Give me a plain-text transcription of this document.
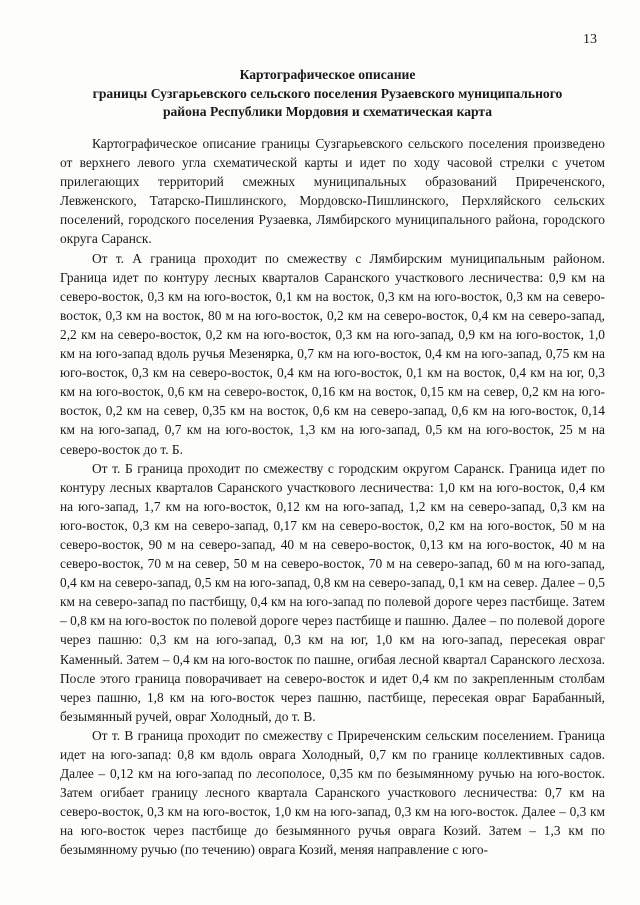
13
Картографическое описание
границы Сузгарьевского сельского поселения Рузаевского муниципального
района Республики Мордовия и схематическая карта

Картографическое описание границы Сузгарьевского сельского поселения произведено от верхнего левого угла схематической карты и идет по ходу часовой стрелки с учетом прилегающих территорий смежных муниципальных образований Приреченского, Левженского, Татарско-Пишлинского, Мордовско-Пишлинского, Перхляйского сельских поселений, городского поселения Рузаевка, Лямбирского муниципального района, городского округа Саранск.

От т. А граница проходит по смежеству с Лямбирским муниципальным районом. Граница идет по контуру лесных кварталов Саранского участкового лесничества: 0,9 км на северо-восток, 0,3 км на юго-восток, 0,1 км на восток, 0,3 км на юго-восток, 0,3 км на северо-восток, 0,3 км на восток, 80 м на юго-восток, 0,2 км на северо-восток, 0,4 км на северо-запад, 2,2 км на северо-восток, 0,2 км на юго-восток, 0,3 км на юго-запад, 0,9 км на юго-восток, 1,0 км на юго-запад вдоль ручья Мезенярка, 0,7 км на юго-восток, 0,4 км на юго-запад, 0,75 км на юго-восток, 0,3 км на северо-восток, 0,4 км на юго-восток, 0,1 км на восток, 0,4 км на юг, 0,3 км на юго-восток, 0,6 км на северо-восток, 0,16 км на восток, 0,15 км на север, 0,2 км на юго-восток, 0,2 км на север, 0,35 км на восток, 0,6 км на северо-запад, 0,6 км на юго-восток, 0,14 км на юго-запад, 0,7 км на юго-восток, 1,3 км на юго-запад, 0,5 км на юго-восток, 25 м на северо-восток до т. Б.

От т. Б граница проходит по смежеству с городским округом Саранск. Граница идет по контуру лесных кварталов Саранского участкового лесничества: 1,0 км на юго-восток, 0,4 км на юго-запад, 1,7 км на юго-восток, 0,12 км на юго-запад, 1,2 км на северо-запад, 0,3 км на юго-восток, 0,3 км на северо-запад, 0,17 км на северо-восток, 0,2 км на юго-восток, 50 м на северо-восток, 90 м на северо-запад, 40 м на северо-восток, 0,13 км на юго-восток, 40 м на северо-восток, 70 м на север, 50 м на северо-восток, 70 м на северо-запад, 60 м на юго-запад, 0,4 км на северо-запад, 0,5 км на юго-запад, 0,8 км на северо-запад, 0,1 км на север. Далее – 0,5 км на северо-запад по пастбищу, 0,4 км на юго-запад по полевой дороге через пастбище. Затем – 0,8 км на юго-восток по полевой дороге через пастбище и пашню. Далее – по полевой дороге через пашню: 0,3 км на юго-запад, 0,3 км на юг, 1,0 км на юго-запад, пересекая овраг Каменный. Затем – 0,4 км на юго-восток по пашне, огибая лесной квартал Саранского лесхоза. После этого граница поворачивает на северо-восток и идет 0,4 км по закрепленным столбам через пашню, 1,8 км на юго-восток через пашню, пастбище, пересекая овраг Барабанный, безымянный ручей, овраг Холодный, до т. В.

От т. В граница проходит по смежеству с Приреченским сельским поселением. Граница идет на юго-запад: 0,8 км вдоль оврага Холодный, 0,7 км по границе коллективных садов. Далее – 0,12 км на юго-запад по лесополосе, 0,35 км по безымянному ручью на юго-восток. Затем огибает границу лесного квартала Саранского участкового лесничества: 0,7 км на северо-восток, 0,3 км на юго-восток, 1,0 км на юго-запад, 0,3 км на юго-восток. Далее – 0,3 км на юго-восток через пастбище до безымянного ручья оврага Козий. Затем – 1,3 км по безымянному ручью (по течению) оврага Козий, меняя направление с юго-
